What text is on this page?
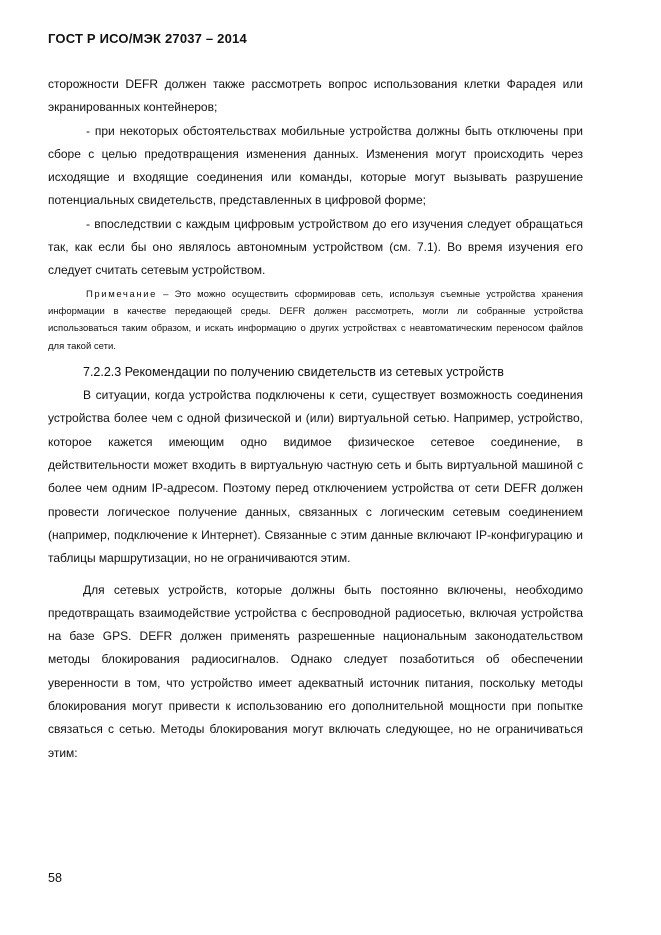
ГОСТ Р ИСО/МЭК 27037 – 2014

сторожности DEFR должен также рассмотреть вопрос использования клетки Фарадея или экранированных контейнеров;

- при некоторых обстоятельствах мобильные устройства должны быть отключены при сборе с целью предотвращения изменения данных. Изменения могут происходить через исходящие и входящие соединения или команды, которые могут вызывать разрушение потенциальных свидетельств, представленных в цифровой форме;

- впоследствии с каждым цифровым устройством до его изучения следует обращаться так, как если бы оно являлось автономным устройством (см. 7.1). Во время изучения его следует считать сетевым устройством.

Примечание – Это можно осуществить сформировав сеть, используя съемные устройства хранения информации в качестве передающей среды. DEFR должен рассмотреть, могли ли собранные устройства использоваться таким образом, и искать информацию о других устройствах с неавтоматическим переносом файлов для такой сети.

7.2.2.3 Рекомендации по получению свидетельств из сетевых устройств

В ситуации, когда устройства подключены к сети, существует возможность соединения устройства более чем с одной физической и (или) виртуальной сетью. Например, устройство, которое кажется имеющим одно видимое физическое сетевое соединение, в действительности может входить в виртуальную частную сеть и быть виртуальной машиной с более чем одним IP-адресом. Поэтому перед отключением устройства от сети DEFR должен провести логическое получение данных, связанных с логическим сетевым соединением (например, подключение к Интернет). Связанные с этим данные включают IP-конфигурацию и таблицы маршрутизации, но не ограничиваются этим.

Для сетевых устройств, которые должны быть постоянно включены, необходимо предотвращать взаимодействие устройства с беспроводной радиосетью, включая устройства на базе GPS. DEFR должен применять разрешенные национальным законодательством методы блокирования радиосигналов. Однако следует позаботиться об обеспечении уверенности в том, что устройство имеет адекватный источник питания, поскольку методы блокирования могут привести к использованию его дополнительной мощности при попытке связаться с сетью. Методы блокирования могут включать следующее, но не ограничиваться этим:

58
